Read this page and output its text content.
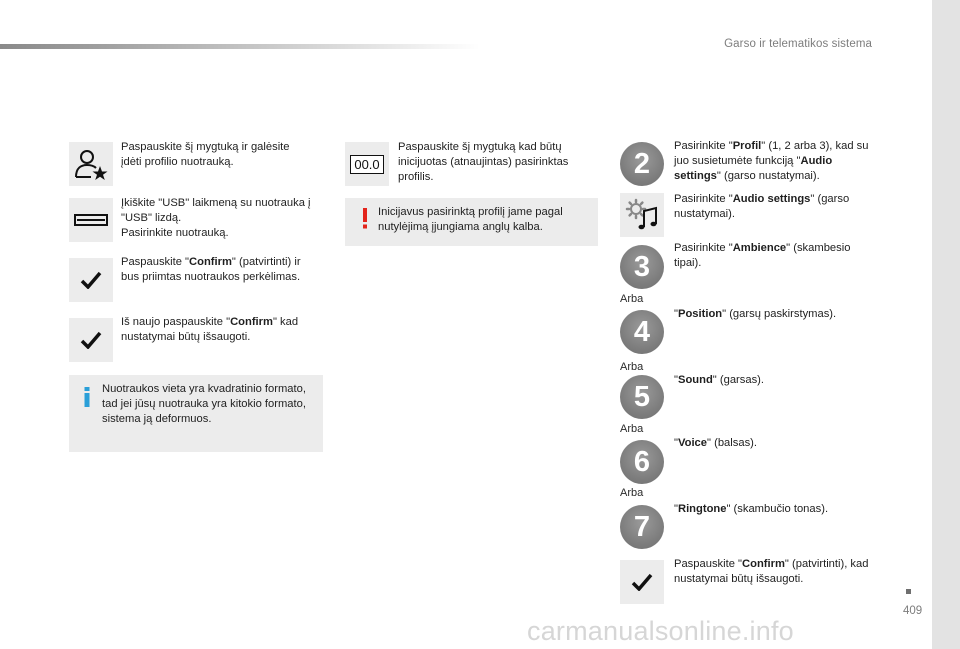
Garso ir telematikos sistema
Paspauskite šį mygtuką ir galėsite įdėti profilio nuotrauką.
Įkiškite "USB" laikmeną su nuotrauka į "USB" lizdą.
Pasirinkite nuotrauką.
Paspauskite "Confirm" (patvirtinti) ir bus priimtas nuotraukos perkėlimas.
Iš naujo paspauskite "Confirm" kad nustatymai būtų išsaugoti.
Nuotraukos vieta yra kvadratinio formato, tad jei jūsų nuotrauka yra kitokio formato, sistema ją deformuos.
00.0
Paspauskite šį mygtuką kad būtų inicijuotas (atnaujintas) pasirinktas profilis.
Inicijavus pasirinktą profilį jame pagal nutylėjimą įjungiama anglų kalba.
2
Pasirinkite "Profil" (1, 2 arba 3), kad su juo susietumėte funkciją "Audio settings" (garso nustatymai).
Pasirinkite "Audio settings" (garso nustatymai).
3
Pasirinkite "Ambience" (skambesio tipai).
Arba
4
"Position" (garsų paskirstymas).
Arba
5
"Sound" (garsas).
Arba
6
"Voice" (balsas).
Arba
7
"Ringtone" (skambučio tonas).
Paspauskite "Confirm" (patvirtinti), kad nustatymai būtų išsaugoti.
409
carmanualsonline.info
